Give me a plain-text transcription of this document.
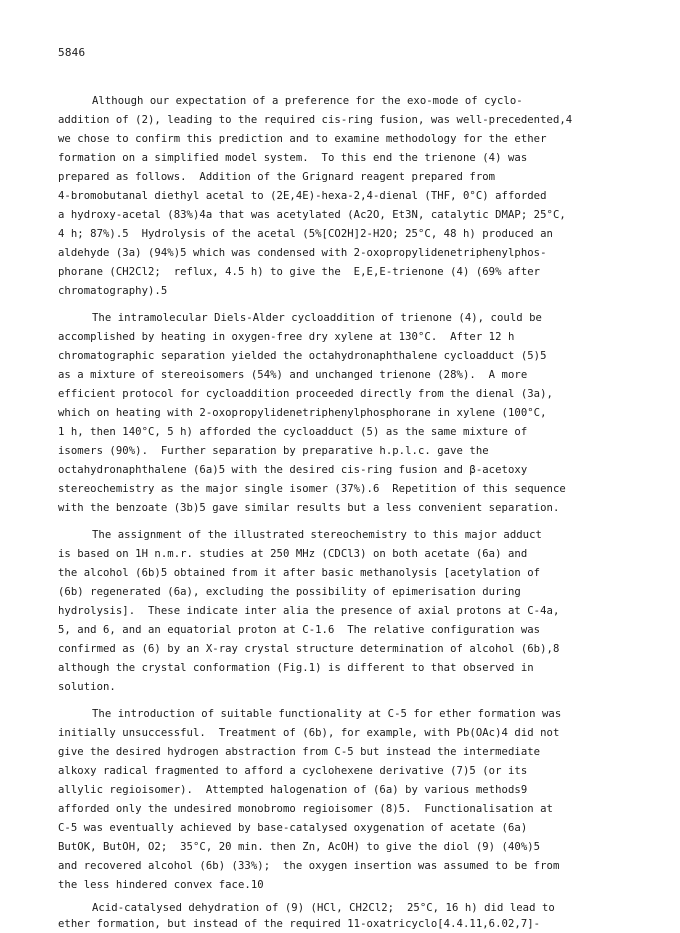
5846
Although our expectation of a preference for the exo-mode of cyclo-
addition of (2), leading to the required cis-ring fusion, was well-precedented,4
we chose to confirm this prediction and to examine methodology for the ether
formation on a simplified model system.  To this end the trienone (4) was
prepared as follows.  Addition of the Grignard reagent prepared from
4-bromobutanal diethyl acetal to (2E,4E)-hexa-2,4-dienal (THF, 0°C) afforded
a hydroxy-acetal (83%)4a that was acetylated (Ac2O, Et3N, catalytic DMAP; 25°C,
4 h; 87%).5  Hydrolysis of the acetal (5%[CO2H]2-H2O; 25°C, 48 h) produced an
aldehyde (3a) (94%)5 which was condensed with 2-oxopropylidenetriphenylphos-
phorane (CH2Cl2;  reflux, 4.5 h) to give the  E,E,E-trienone (4) (69% after
chromatography).5
The intramolecular Diels-Alder cycloaddition of trienone (4), could be
accomplished by heating in oxygen-free dry xylene at 130°C.  After 12 h
chromatographic separation yielded the octahydronaphthalene cycloadduct (5)5
as a mixture of stereoisomers (54%) and unchanged trienone (28%).  A more
efficient protocol for cycloaddition proceeded directly from the dienal (3a),
which on heating with 2-oxopropylidenetriphenylphosphorane in xylene (100°C,
1 h, then 140°C, 5 h) afforded the cycloadduct (5) as the same mixture of
isomers (90%).  Further separation by preparative h.p.l.c. gave the
octahydronaphthalene (6a)5 with the desired cis-ring fusion and β-acetoxy
stereochemistry as the major single isomer (37%).6  Repetition of this sequence
with the benzoate (3b)5 gave similar results but a less convenient separation.
The assignment of the illustrated stereochemistry to this major adduct
is based on 1H n.m.r. studies at 250 MHz (CDCl3) on both acetate (6a) and
the alcohol (6b)5 obtained from it after basic methanolysis [acetylation of
(6b) regenerated (6a), excluding the possibility of epimerisation during
hydrolysis].  These indicate inter alia the presence of axial protons at C-4a,
5, and 6, and an equatorial proton at C-1.6  The relative configuration was
confirmed as (6) by an X-ray crystal structure determination of alcohol (6b),8
although the crystal conformation (Fig.1) is different to that observed in
solution.
The introduction of suitable functionality at C-5 for ether formation was
initially unsuccessful.  Treatment of (6b), for example, with Pb(OAc)4 did not
give the desired hydrogen abstraction from C-5 but instead the intermediate
alkoxy radical fragmented to afford a cyclohexene derivative (7)5 (or its
allylic regioisomer).  Attempted halogenation of (6a) by various methods9
afforded only the undesired monobromo regioisomer (8)5.  Functionalisation at
C-5 was eventually achieved by base-catalysed oxygenation of acetate (6a)
ButOK, ButOH, O2;  35°C, 20 min. then Zn, AcOH) to give the diol (9) (40%)5
and recovered alcohol (6b) (33%);  the oxygen insertion was assumed to be from
the less hindered convex face.10
Acid-catalysed dehydration of (9) (HCl, CH2Cl2;  25°C, 16 h) did lead to
ether formation, but instead of the required 11-oxatricyclo[4.4.11,6.02,7]-
